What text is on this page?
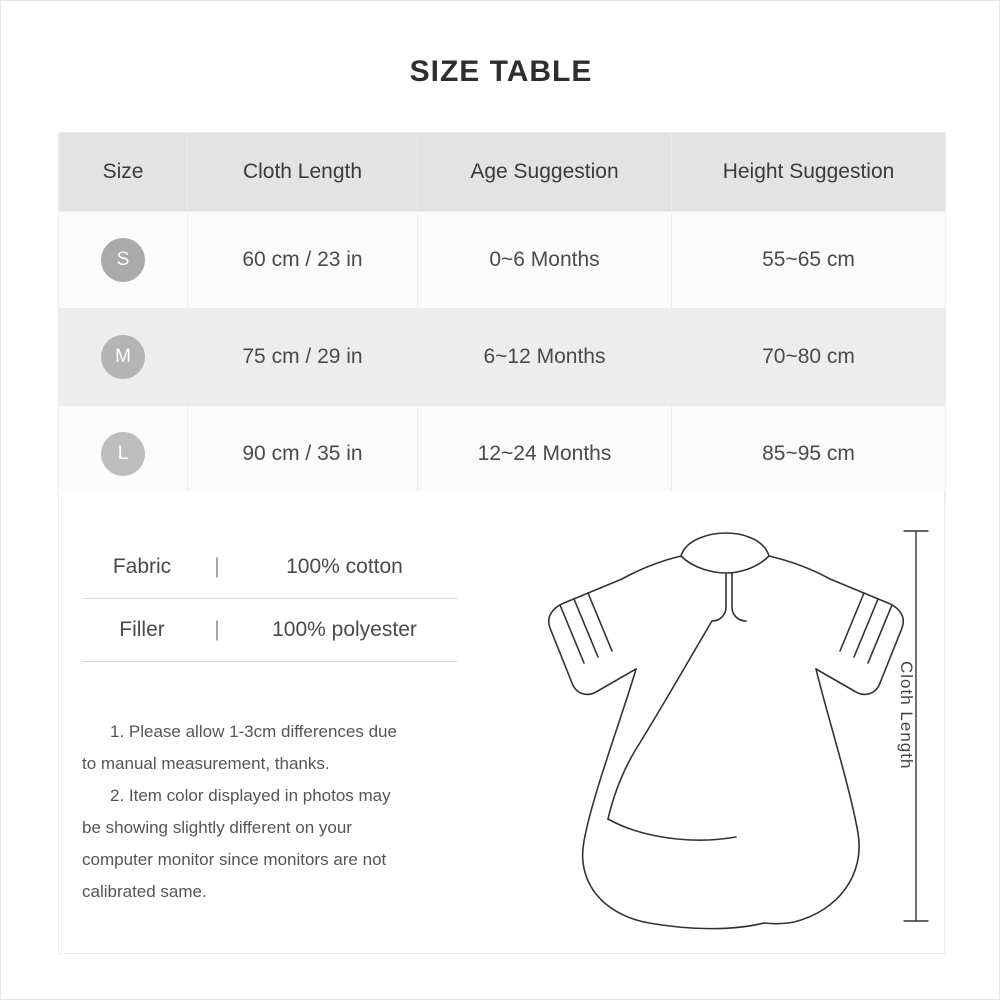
SIZE TABLE
Size	Cloth Length	Age Suggestion	Height Suggestion
S	60 cm / 23 in	0~6 Months	55~65 cm
M	75 cm / 29 in	6~12 Months	70~80 cm
L	90 cm / 35 in	12~24 Months	85~95 cm
Fabric	|	100% cotton
Filler	|	100% polyester
1. Please allow 1-3cm differences due
to manual measurement, thanks.
2. Item color displayed in photos may
be showing slightly different on your
computer monitor since monitors are not
calibrated same.
Cloth Length
